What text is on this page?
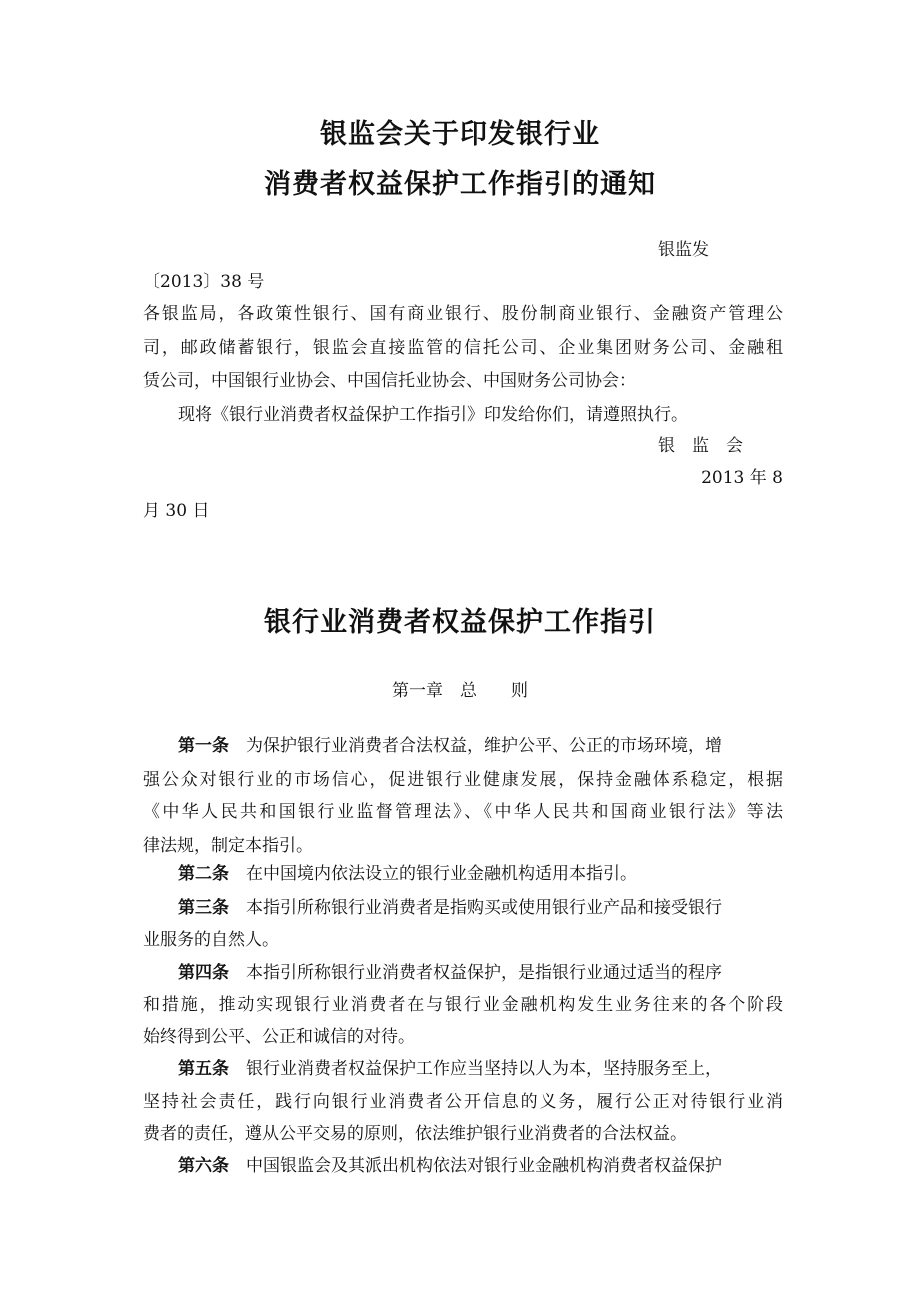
银监会关于印发银行业
消费者权益保护工作指引的通知
银监发
〔2013〕38 号
各银监局，各政策性银行、国有商业银行、股份制商业银行、金融资产管理公
司，邮政储蓄银行，银监会直接监管的信托公司、企业集团财务公司、金融租
赁公司，中国银行业协会、中国信托业协会、中国财务公司协会：
现将《银行业消费者权益保护工作指引》印发给你们，请遵照执行。
银　监　会
2013 年 8
月 30 日
银行业消费者权益保护工作指引
第一章　总　　则
第一条　 为保护银行业消费者合法权益，维护公平、公正的市场环境，增
强公众对银行业的市场信心，促进银行业健康发展，保持金融体系稳定，根据
《中华人民共和国银行业监督管理法》、《中华人民共和国商业银行法》等法
律法规，制定本指引。
第二条　 在中国境内依法设立的银行业金融机构适用本指引。
第三条　 本指引所称银行业消费者是指购买或使用银行业产品和接受银行
业服务的自然人。
第四条　 本指引所称银行业消费者权益保护，是指银行业通过适当的程序
和措施，推动实现银行业消费者在与银行业金融机构发生业务往来的各个阶段
始终得到公平、公正和诚信的对待。
第五条　 银行业消费者权益保护工作应当坚持以人为本，坚持服务至上，
坚持社会责任，践行向银行业消费者公开信息的义务，履行公正对待银行业消
费者的责任，遵从公平交易的原则，依法维护银行业消费者的合法权益。
第六条　 中国银监会及其派出机构依法对银行业金融机构消费者权益保护
